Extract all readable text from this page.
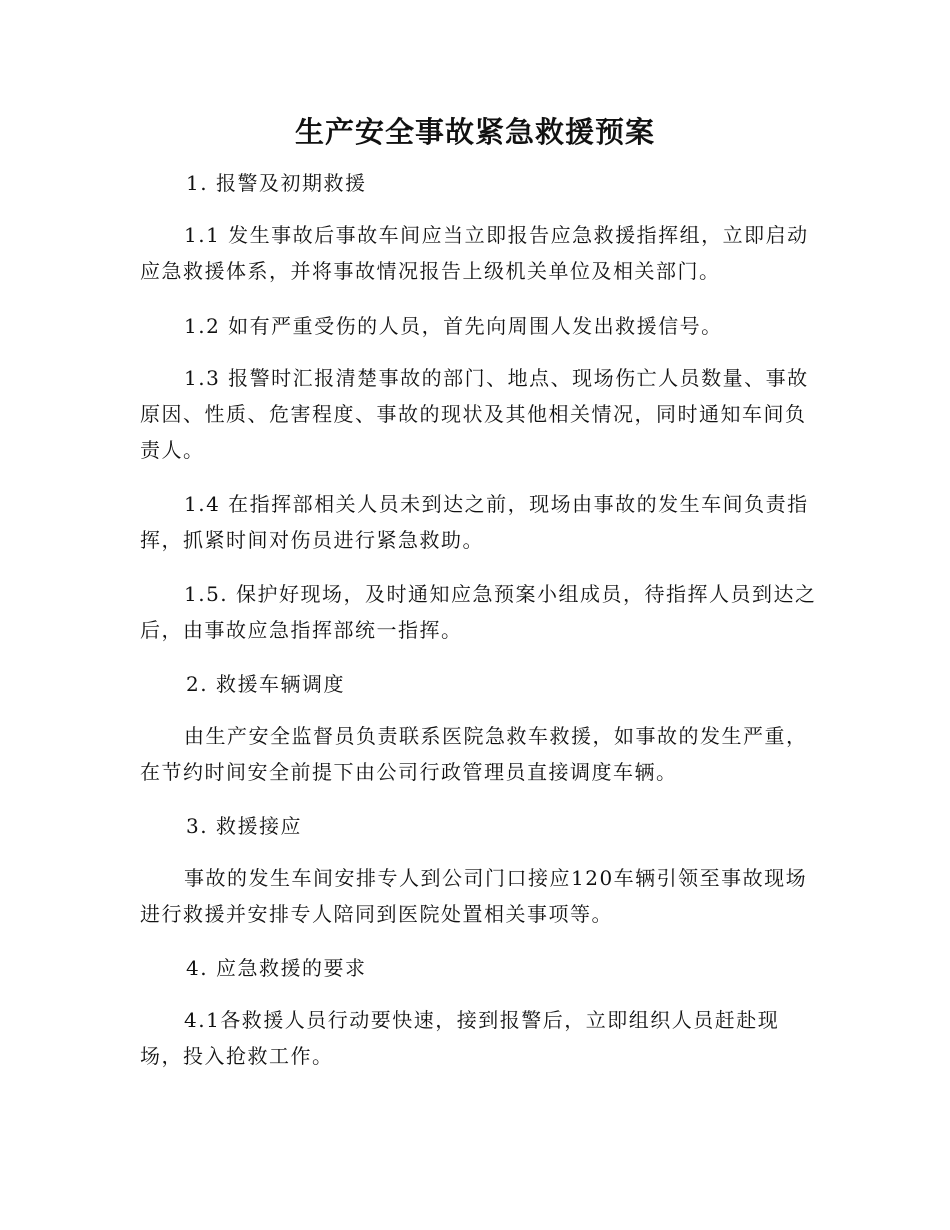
生产安全事故紧急救援预案
1. 报警及初期救援
1.1 发生事故后事故车间应当立即报告应急救援指挥组，立即启动应急救援体系，并将事故情况报告上级机关单位及相关部门。
1.2 如有严重受伤的人员，首先向周围人发出救援信号。
1.3 报警时汇报清楚事故的部门、地点、现场伤亡人员数量、事故原因、性质、危害程度、事故的现状及其他相关情况，同时通知车间负责人。
1.4 在指挥部相关人员未到达之前，现场由事故的发生车间负责指挥，抓紧时间对伤员进行紧急救助。
1.5. 保护好现场，及时通知应急预案小组成员，待指挥人员到达之后，由事故应急指挥部统一指挥。
2. 救援车辆调度
由生产安全监督员负责联系医院急救车救援，如事故的发生严重，在节约时间安全前提下由公司行政管理员直接调度车辆。
3. 救援接应
事故的发生车间安排专人到公司门口接应120车辆引领至事故现场进行救援并安排专人陪同到医院处置相关事项等。
4. 应急救援的要求
4.1各救援人员行动要快速，接到报警后，立即组织人员赶赴现场，投入抢救工作。
